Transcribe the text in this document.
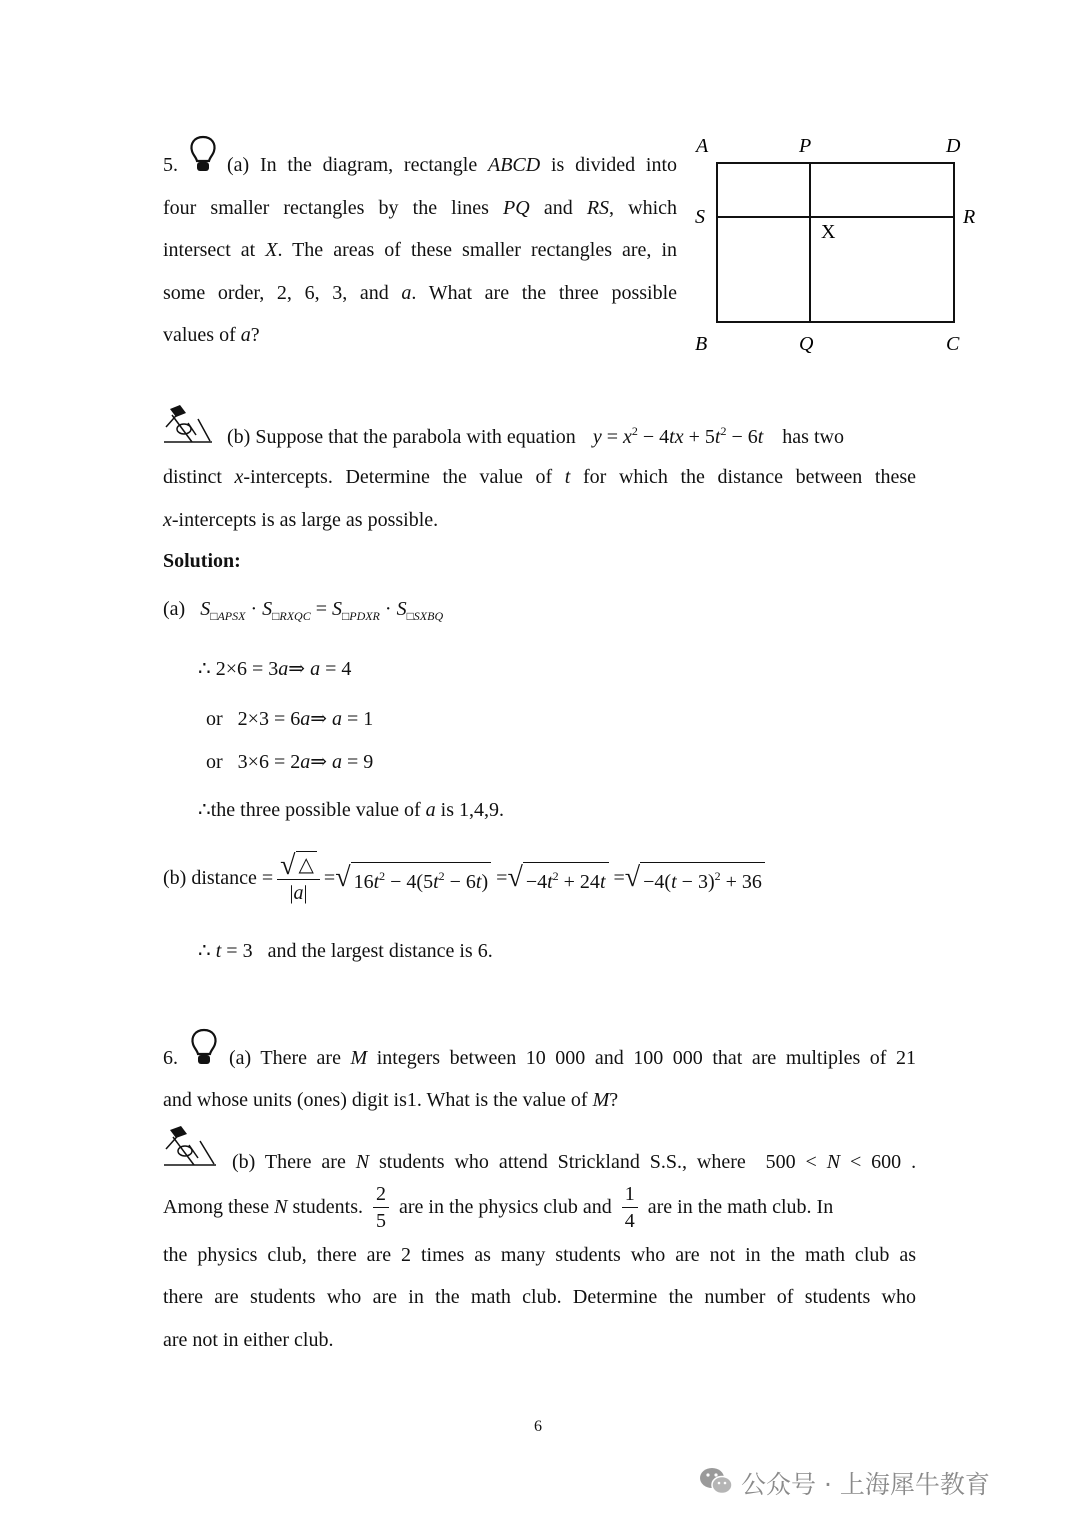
5. (a) In the diagram, rectangle ABCD is divided into
four smaller rectangles by the lines PQ and RS, which
intersect at X. The areas of these smaller rectangles are, in
some order, 2, 6, 3, and a. What are the three possible
values of a?
A	P	D
S	R
X
B	Q	C
(b) Suppose that the parabola with equation $y = x^2 - 4tx + 5t^2 - 6t$ has two
distinct x-intercepts. Determine the value of t for which the distance between these
x-intercepts is as large as possible.
Solution:
(a) $S_{□APSX} \cdot S_{□RXQC} = S_{□PDXR} \cdot S_{□SXBQ}$
∴ 2×6 = 3a⇒ a = 4
or 2×3 = 6a⇒ a = 1
or 3×6 = 2a⇒ a = 9
∴the three possible value of a is 1,4,9.
(b) distance = $\frac{√ \triangle}{|a|}$ = √ $16t^2 - 4(5t^2 - 6t)$ = √ $-4t^2 + 24t$ = √ $-4(t - 3)^2 + 36$
∴ t = 3 and the largest distance is 6.
6.	(a) There are M integers between 10 000 and 100 000 that are multiples of 21
and whose units (ones) digit is1. What is the value of M?
(b) There are N students who attend Strickland S.S., where 500 < N < 600 .
Among these
N
students. $\frac{2}{5}$ are in the physics club and $\frac{1}{4}$ are in the math club. In
the physics club, there are 2 times as many students who are not in the math club as
there are students who are in the math club. Determine the number of students who
are not in either club.
6
公众号 · 上海犀牛教育
